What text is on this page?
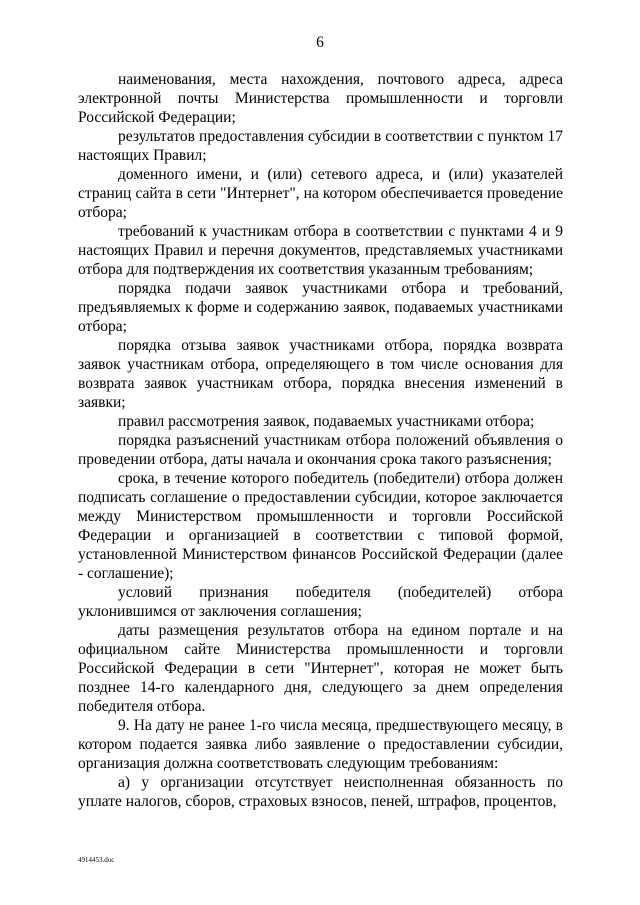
6

наименования, места нахождения, почтового адреса, адреса электронной почты Министерства промышленности и торговли Российской Федерации;

результатов предоставления субсидии в соответствии с пунктом 17 настоящих Правил;

доменного имени, и (или) сетевого адреса, и (или) указателей страниц сайта в сети "Интернет", на котором обеспечивается проведение отбора;

требований к участникам отбора в соответствии с пунктами 4 и 9 настоящих Правил и перечня документов, представляемых участниками отбора для подтверждения их соответствия указанным требованиям;

порядка подачи заявок участниками отбора и требований, предъявляемых к форме и содержанию заявок, подаваемых участниками отбора;

порядка отзыва заявок участниками отбора, порядка возврата заявок участникам отбора, определяющего в том числе основания для возврата заявок участникам отбора, порядка внесения изменений в заявки;

правил рассмотрения заявок, подаваемых участниками отбора;

порядка разъяснений участникам отбора положений объявления о проведении отбора, даты начала и окончания срока такого разъяснения;

срока, в течение которого победитель (победители) отбора должен подписать соглашение о предоставлении субсидии, которое заключается между Министерством промышленности и торговли Российской Федерации и организацией в соответствии с типовой формой, установленной Министерством финансов Российской Федерации (далее - соглашение);

условий признания победителя (победителей) отбора уклонившимся от заключения соглашения;

даты размещения результатов отбора на едином портале и на официальном сайте Министерства промышленности и торговли Российской Федерации в сети "Интернет", которая не может быть позднее 14-го календарного дня, следующего за днем определения победителя отбора.

9. На дату не ранее 1-го числа месяца, предшествующего месяцу, в котором подается заявка либо заявление о предоставлении субсидии, организация должна соответствовать следующим требованиям:

а) у организации отсутствует неисполненная обязанность по уплате налогов, сборов, страховых взносов, пеней, штрафов, процентов,

4914453.doc
